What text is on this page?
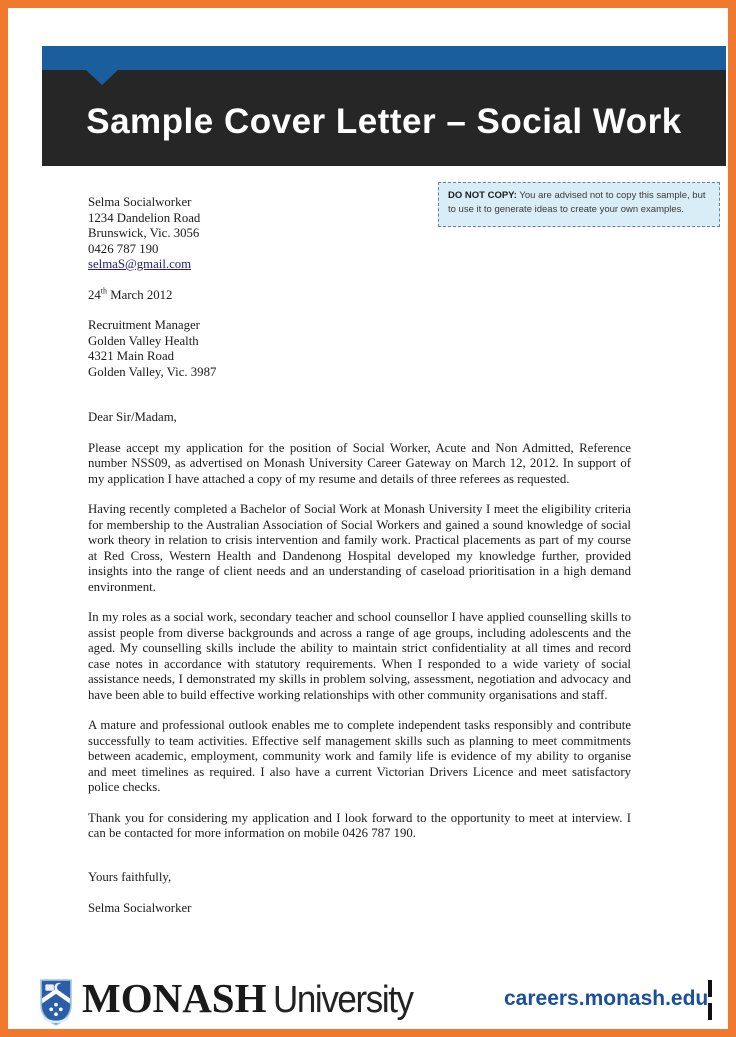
Sample Cover Letter – Social Work
DO NOT COPY: You are advised not to copy this sample, but to use it to generate ideas to create your own examples.
Selma Socialworker
1234 Dandelion Road
Brunswick, Vic. 3056
0426 787 190
selmaS@gmail.com
24th March 2012
Recruitment Manager
Golden Valley Health
4321 Main Road
Golden Valley, Vic. 3987
Dear Sir/Madam,

Please accept my application for the position of Social Worker, Acute and Non Admitted, Reference number NSS09, as advertised on Monash University Career Gateway on March 12, 2012. In support of my application I have attached a copy of my resume and details of three referees as requested.

Having recently completed a Bachelor of Social Work at Monash University I meet the eligibility criteria for membership to the Australian Association of Social Workers and gained a sound knowledge of social work theory in relation to crisis intervention and family work. Practical placements as part of my course at Red Cross, Western Health and Dandenong Hospital developed my knowledge further, provided insights into the range of client needs and an understanding of caseload prioritisation in a high demand environment.

In my roles as a social work, secondary teacher and school counsellor I have applied counselling skills to assist people from diverse backgrounds and across a range of age groups, including adolescents and the aged. My counselling skills include the ability to maintain strict confidentiality at all times and record case notes in accordance with statutory requirements. When I responded to a wide variety of social assistance needs, I demonstrated my skills in problem solving, assessment, negotiation and advocacy and have been able to build effective working relationships with other community organisations and staff.

A mature and professional outlook enables me to complete independent tasks responsibly and contribute successfully to team activities. Effective self management skills such as planning to meet commitments between academic, employment, community work and family life is evidence of my ability to organise and meet timelines as required. I also have a current Victorian Drivers Licence and meet satisfactory police checks.

Thank you for considering my application and I look forward to the opportunity to meet at interview. I can be contacted for more information on mobile 0426 787 190.

Yours faithfully,
Selma Socialworker
MONASH University	careers.monash.edu
